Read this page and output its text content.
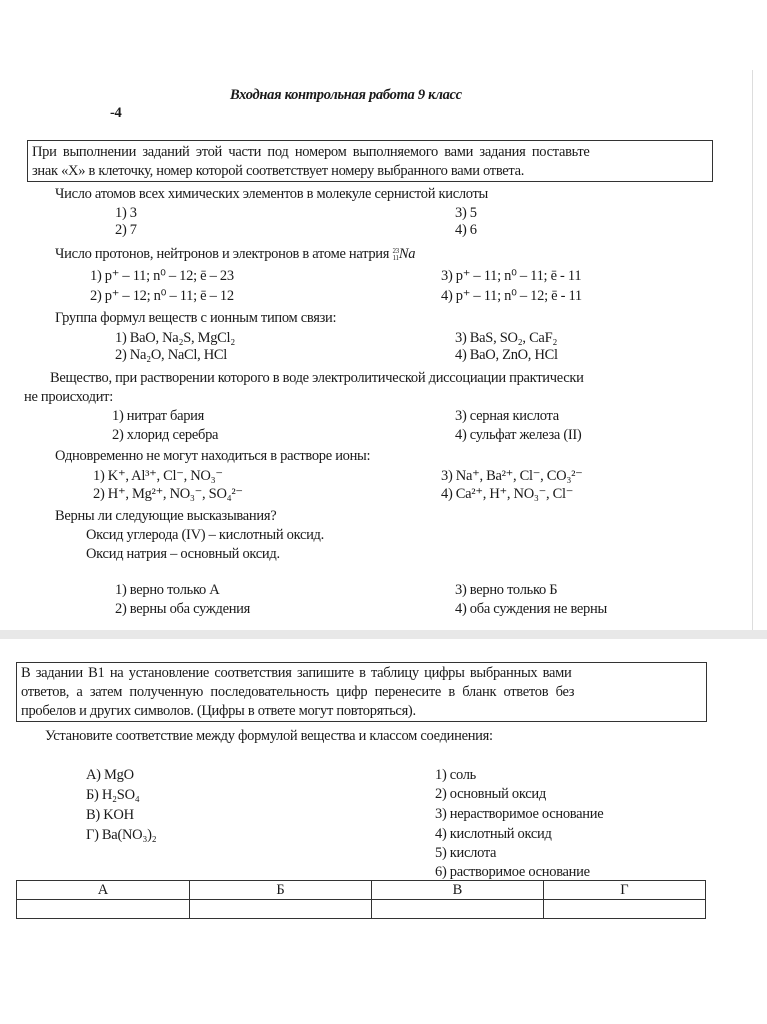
Входная контрольная работа 9 класс
-4
При выполнении заданий этой части под номером выполняемого вами задания поставьте
знак «Х» в клеточку, номер которой соответствует номеру выбранного вами ответа.
Число атомов всех химических элементов в молекуле сернистой кислоты
1) 3
2) 7
3) 5
4) 6
Число протонов, нейтронов и электронов в атоме натрия 23
11Na
1) p⁺ – 11; n⁰ – 12; ē – 23
2) p⁺ – 12; n⁰ – 11; ē – 12
3) p⁺ – 11; n⁰ – 11; ē - 11
4) p⁺ – 11; n⁰ – 12; ē - 11
Группа формул веществ с ионным типом связи:
1) BaO, Na₂S, MgCl₂
2) Na₂O, NaCl, HCl
3) BaS, SO₂, CaF₂
4) BaO, ZnO, HCl
Вещество, при растворении которого в воде электролитической диссоциации практически
не происходит:
1) нитрат бария
2) хлорид серебра
3) серная кислота
4) сульфат железа (II)
Одновременно не могут находиться в растворе ионы:
1) K⁺, Al³⁺, Cl⁻, NO₃⁻
2) H⁺, Mg²⁺, NO₃⁻, SO₄²⁻
3) Na⁺, Ba²⁺, Cl⁻, CO₃²⁻
4) Ca²⁺, H⁺, NO₃⁻, Cl⁻
Верны ли следующие высказывания?
Оксид углерода (IV) – кислотный оксид.
Оксид натрия – основный оксид.
1) верно только А
2) верны оба суждения
3) верно только Б
4) оба суждения не верны
В задании В1 на установление соответствия запишите в таблицу цифры выбранных вами
ответов, а затем полученную последовательность цифр перенесите в бланк ответов без
пробелов и других символов. (Цифры в ответе могут повторяться).
Установите соответствие между формулой вещества и классом соединения:
А) MgO
Б) H₂SO₄
В) KOH
Г) Ba(NO₃)₂
1) соль
2) основный оксид
3) нерастворимое основание
4) кислотный оксид
5) кислота
6) растворимое основание
А	Б	В	Г
